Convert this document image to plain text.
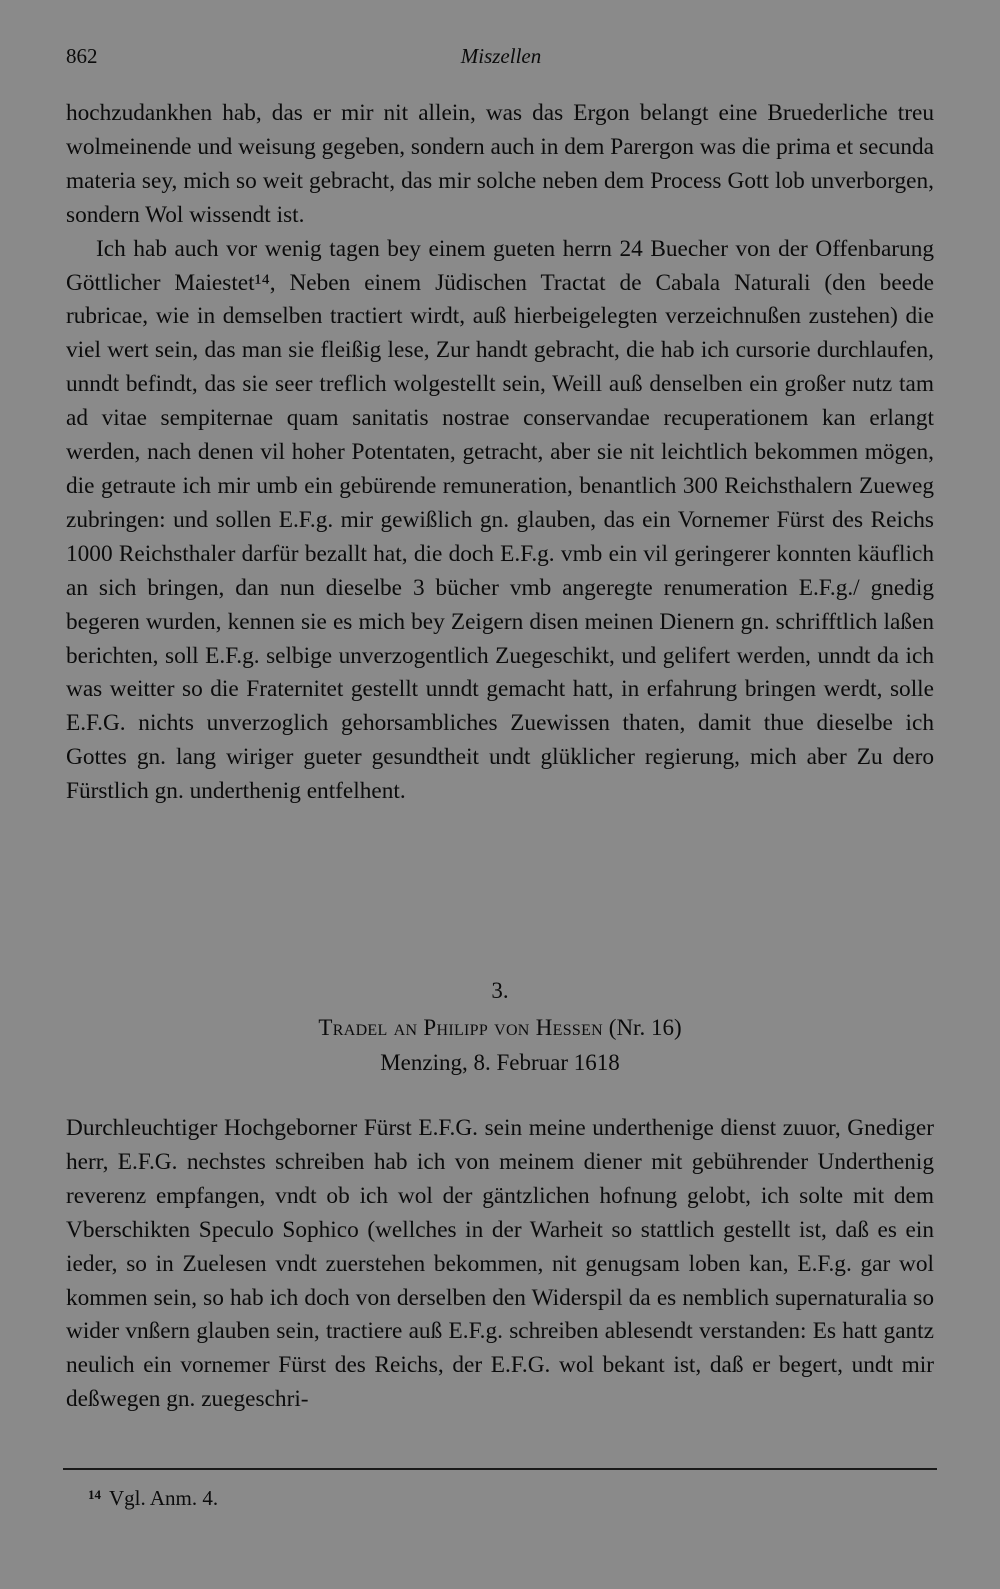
862	Miszellen

hochzudankhen hab, das er mir nit allein, was das Ergon belangt eine Bruederliche treu wolmeinende und weisung gegeben, sondern auch in dem Parergon was die prima et secunda materia sey, mich so weit gebracht, das mir solche neben dem Process Gott lob unverborgen, sondern Wol wissendt ist.

Ich hab auch vor wenig tagen bey einem gueten herrn 24 Buecher von der Offenbarung Göttlicher Maiestet¹⁴, Neben einem Jüdischen Tractat de Cabala Naturali (den beede rubricae, wie in demselben tractiert wirdt, auß hierbeigelegten verzeichnußen zustehen) die viel wert sein, das man sie fleißig lese, Zur handt gebracht, die hab ich cursorie durchlaufen, unndt befindt, das sie seer treflich wolgestellt sein, Weill auß denselben ein großer nutz tam ad vitae sempiternae quam sanitatis nostrae conservandae recuperationem kan erlangt werden, nach denen vil hoher Potentaten, getracht, aber sie nit leichtlich bekommen mögen, die getraute ich mir umb ein gebürende remuneration, benantlich 300 Reichsthalern Zueweg zubringen: und sollen E.F.g. mir gewißlich gn. glauben, das ein Vornemer Fürst des Reichs 1000 Reichsthaler darfür bezallt hat, die doch E.F.g. vmb ein vil geringerer konnten käuflich an sich bringen, dan nun dieselbe 3 bücher vmb angeregte renumeration E.F.g./ gnedig begeren wurden, kennen sie es mich bey Zeigern disen meinen Dienern gn. schrifftlich laßen berichten, soll E.F.g. selbige unverzogentlich Zuegeschikt, und gelifert werden, unndt da ich was weitter so die Fraternitet gestellt unndt gemacht hatt, in erfahrung bringen werdt, solle E.F.G. nichts unverzoglich gehorsambliches Zuewissen thaten, damit thue dieselbe ich Gottes gn. lang wiriger gueter gesundtheit undt glüklicher regierung, mich aber Zu dero Fürstlich gn. underthenig entfelhent.

3.
Tradel an Philipp von Hessen (Nr. 16)
Menzing, 8. Februar 1618

Durchleuchtiger Hochgeborner Fürst E.F.G. sein meine underthenige dienst zuuor, Gnediger herr, E.F.G. nechstes schreiben hab ich von meinem diener mit gebührender Underthenig reverenz empfangen, vndt ob ich wol der gäntzlichen hofnung gelobt, ich solte mit dem Vberschikten Speculo Sophico (wellches in der Warheit so stattlich gestellt ist, daß es ein ieder, so in Zuelesen vndt zuerstehen bekommen, nit genugsam loben kan, E.F.g. gar wol kommen sein, so hab ich doch von derselben den Widerspil da es nemblich supernaturalia so wider vnßern glauben sein, tractiere auß E.F.g. schreiben ablesendt verstanden: Es hatt gantz neulich ein vornemer Fürst des Reichs, der E.F.G. wol bekant ist, daß er begert, undt mir deßwegen gn. zuegeschri-

$^{14}$ Vgl. Anm. 4.
